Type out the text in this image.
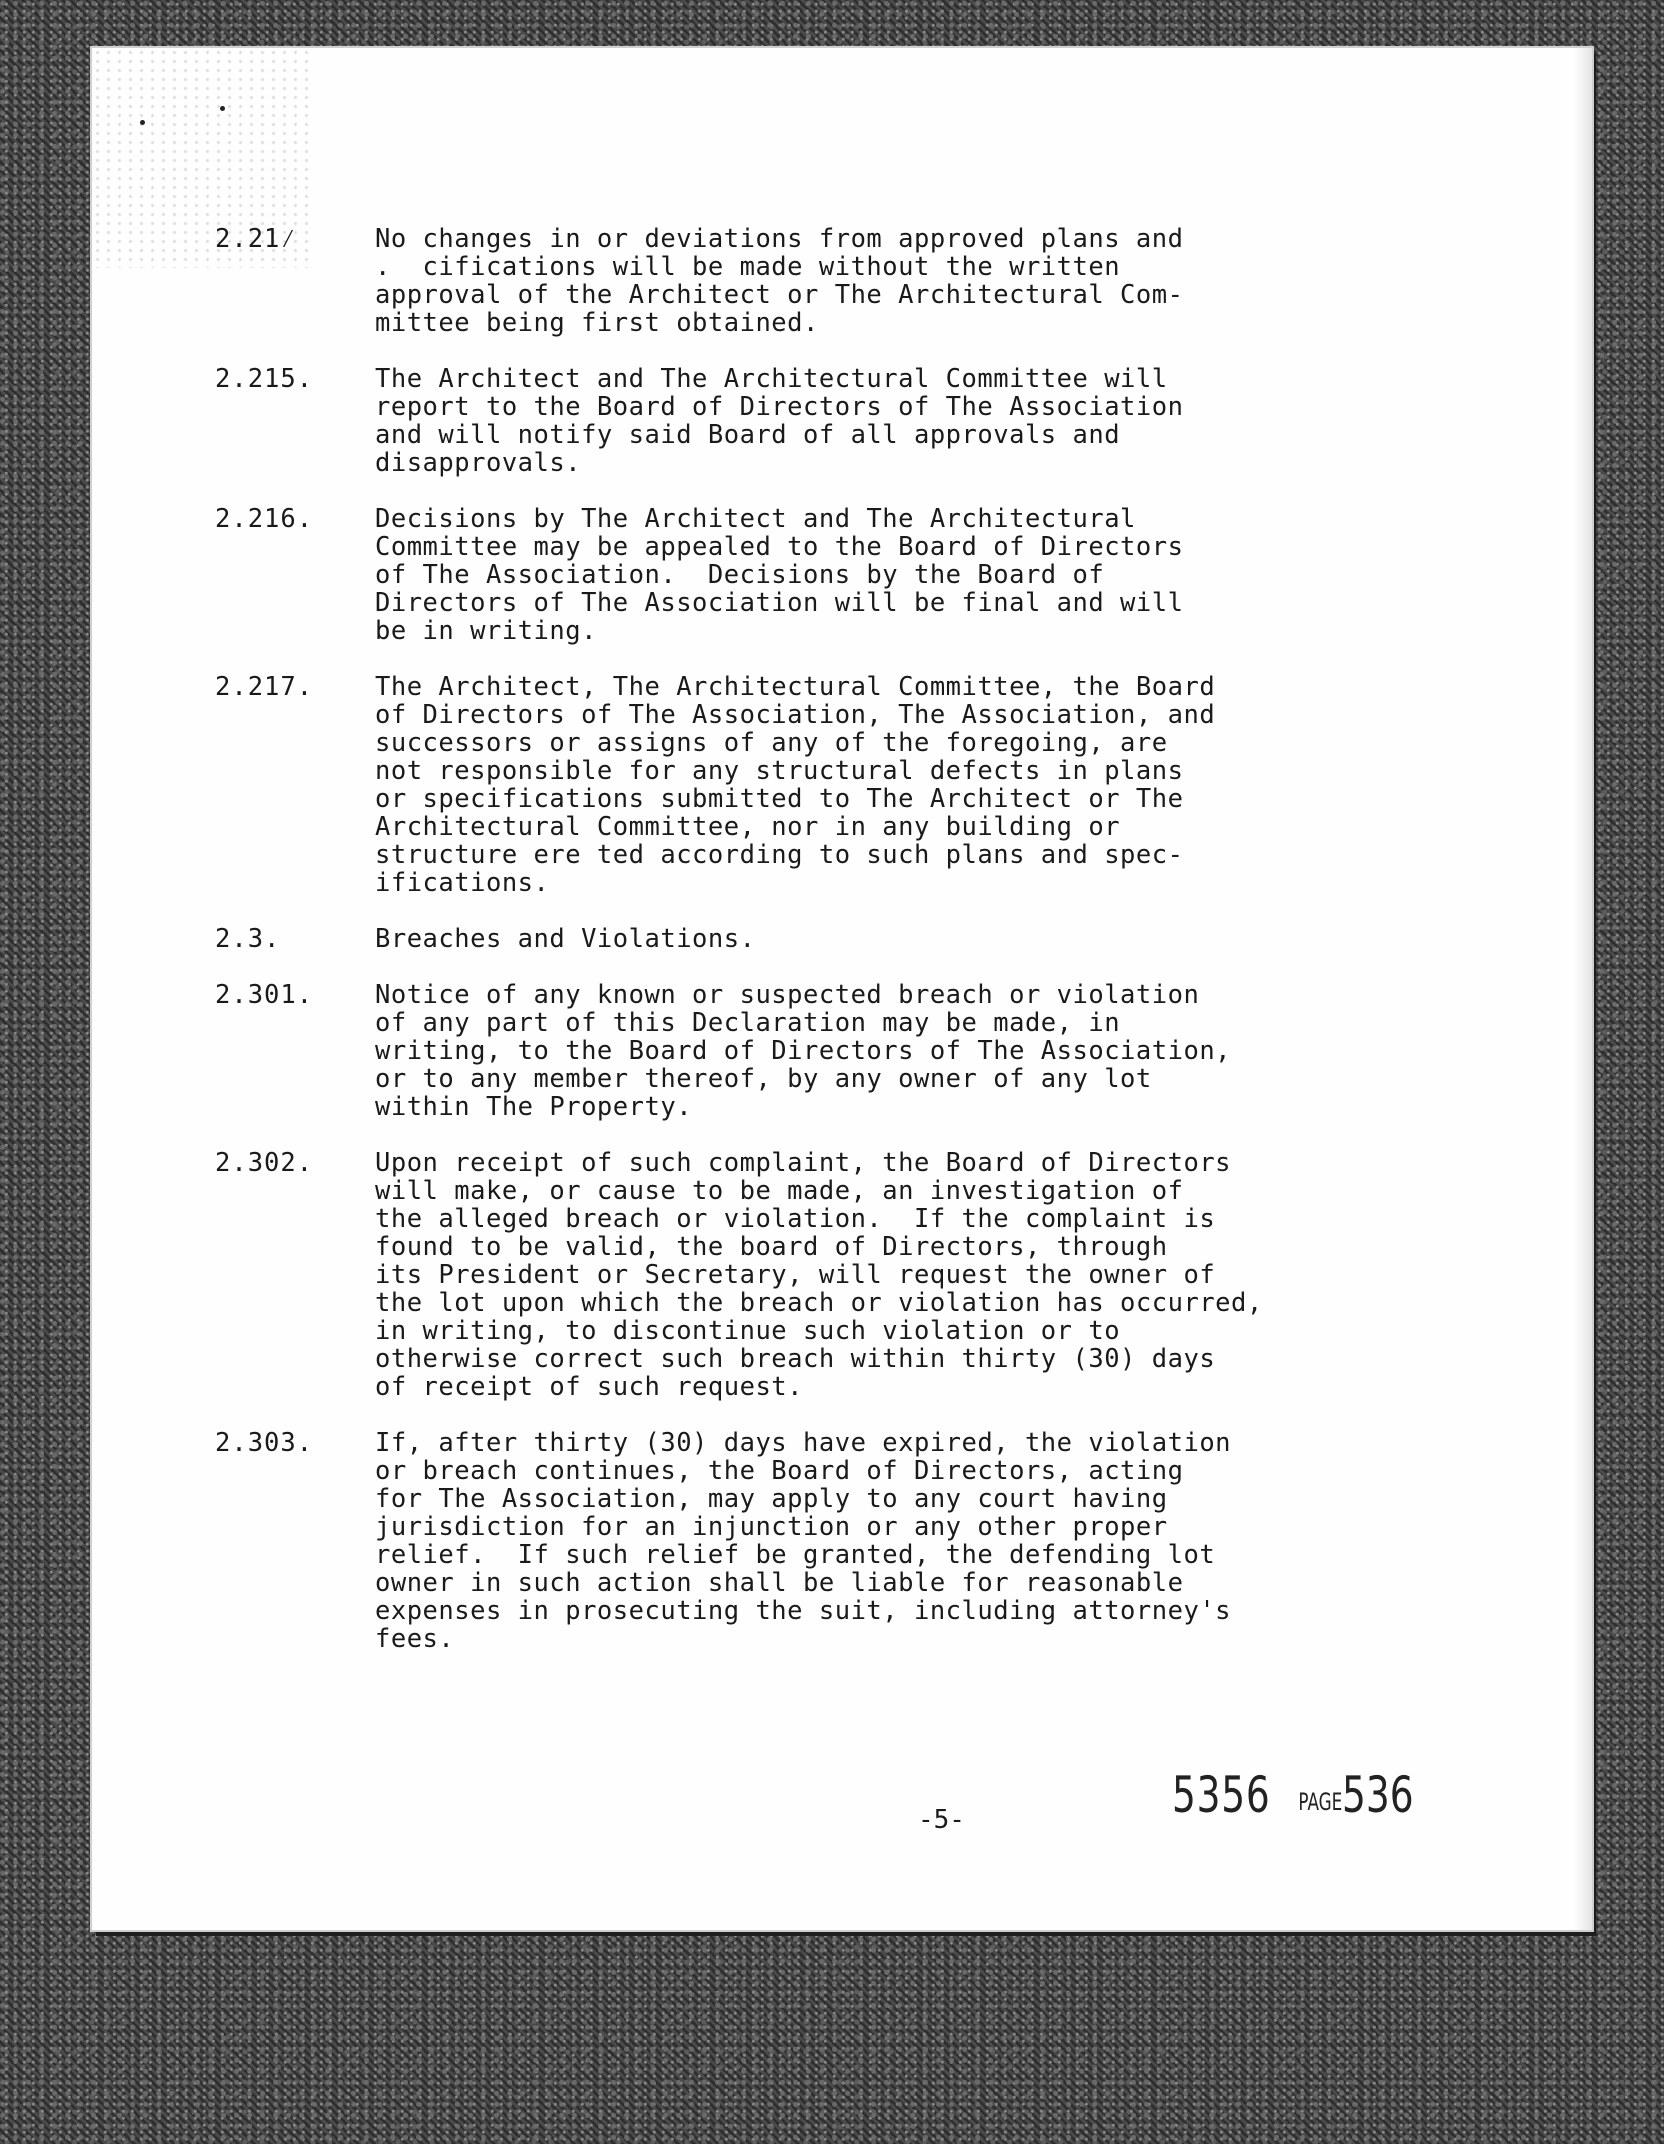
2.21⁄	No changes in or deviations from approved plans and
.  cifications will be made without the written
approval of the Architect or The Architectural Com-
mittee being first obtained.
2.215.	The Architect and The Architectural Committee will
report to the Board of Directors of The Association
and will notify said Board of all approvals and
disapprovals.
2.216.	Decisions by The Architect and The Architectural
Committee may be appealed to the Board of Directors
of The Association.  Decisions by the Board of
Directors of The Association will be final and will
be in writing.
2.217.	The Architect, The Architectural Committee, the Board
of Directors of The Association, The Association, and
successors or assigns of any of the foregoing, are
not responsible for any structural defects in plans
or specifications submitted to The Architect or The
Architectural Committee, nor in any building or
structure ere ted according to such plans and spec-
ifications.
2.3.	Breaches and Violations.
2.301.	Notice of any known or suspected breach or violation
of any part of this Declaration may be made, in
writing, to the Board of Directors of The Association,
or to any member thereof, by any owner of any lot
within The Property.
2.302.	Upon receipt of such complaint, the Board of Directors
will make, or cause to be made, an investigation of
the alleged breach or violation.  If the complaint is
found to be valid, the board of Directors, through
its President or Secretary, will request the owner of
the lot upon which the breach or violation has occurred,
in writing, to discontinue such violation or to
otherwise correct such breach within thirty (30) days
of receipt of such request.
2.303.	If, after thirty (30) days have expired, the violation
or breach continues, the Board of Directors, acting
for The Association, may apply to any court having
jurisdiction for an injunction or any other proper
relief.  If such relief be granted, the defending lot
owner in such action shall be liable for reasonable
expenses in prosecuting the suit, including attorney's
fees.
-5-	5356 PAGE 536
